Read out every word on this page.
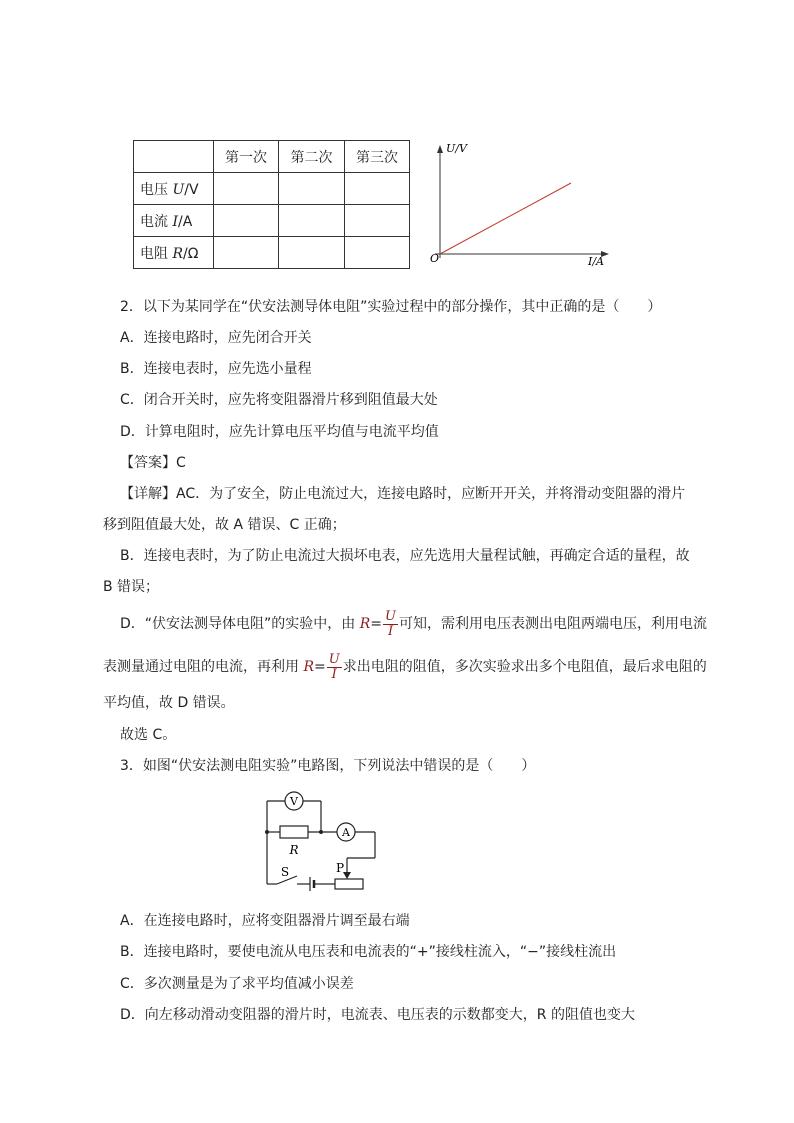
	第一次	第二次	第三次
电压 U/V			
电流 I/A			
电阻 R/Ω			
U/V
I/A
O
2．以下为某同学在“伏安法测导体电阻”实验过程中的部分操作，其中正确的是（　　）
A．连接电路时，应先闭合开关
B．连接电表时，应先选小量程
C．闭合开关时，应先将变阻器滑片移到阻值最大处
D．计算电阻时，应先计算电压平均值与电流平均值
【答案】C
【详解】AC．为了安全，防止电流过大，连接电路时，应断开开关，并将滑动变阻器的滑片
移到阻值最大处，故 A 错误、C 正确；
B．连接电表时，为了防止电流过大损坏电表，应先选用大量程试触，再确定合适的量程，故
B 错误；
D．“伏安法测导体电阻”的实验中，由 $R= \frac{U}{I}$ 可知，需利用电压表测出电阻两端电压，利用电流
表测量通过电阻的电流，再利用 $R= \frac{U}{I}$ 求出电阻的阻值，多次实验求出多个电阻值，最后求电阻的
平均值，故 D 错误。
故选 C。
3．如图“伏安法测电阻实验”电路图，下列说法中错误的是（　　）
V
A
R
S	P
A．在连接电路时，应将变阻器滑片调至最右端
B．连接电路时，要使电流从电压表和电流表的“+”接线柱流入，“−”接线柱流出
C．多次测量是为了求平均值减小误差
D．向左移动滑动变阻器的滑片时，电流表、电压表的示数都变大，R 的阻值也变大
